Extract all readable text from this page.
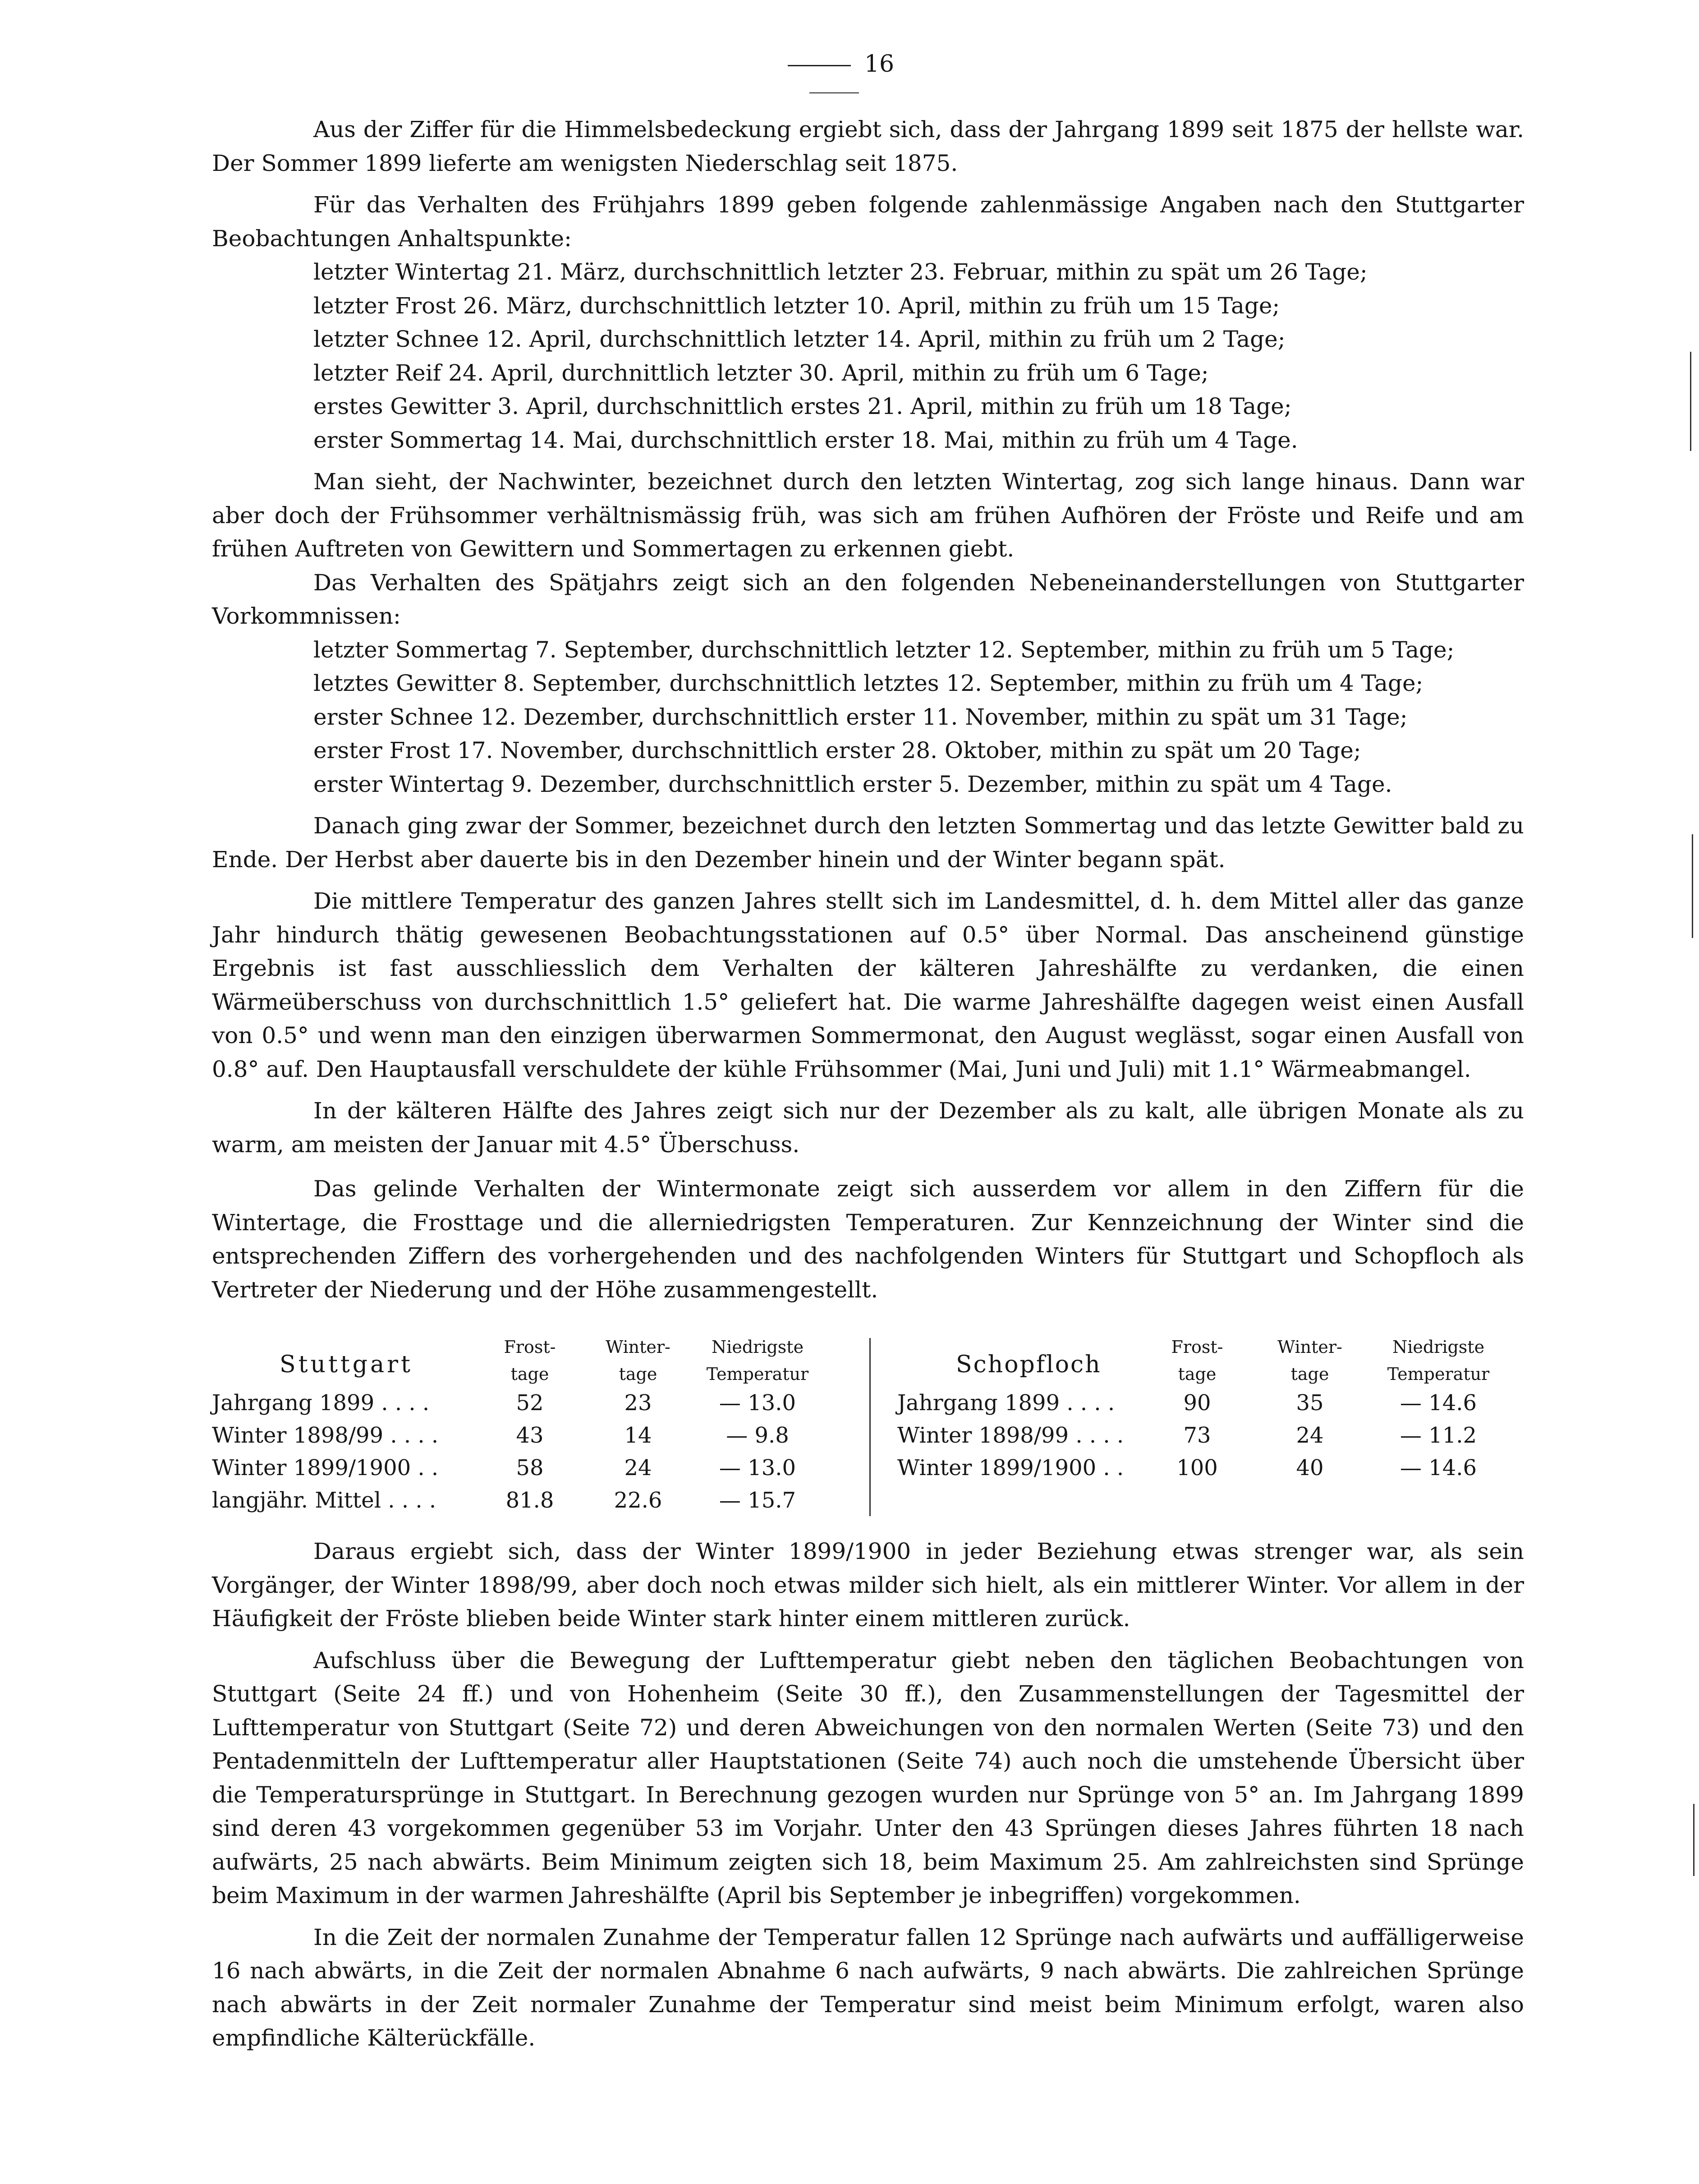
16

Aus der Ziffer für die Himmelsbedeckung ergiebt sich, dass der Jahrgang 1899 seit 1875 der hellste war. Der Sommer 1899 lieferte am wenigsten Niederschlag seit 1875.

Für das Verhalten des Frühjahrs 1899 geben folgende zahlenmässige Angaben nach den Stuttgarter Beobachtungen Anhaltspunkte:

letzter Wintertag 21. März, durchschnittlich letzter 23. Februar, mithin zu spät um 26 Tage;
letzter Frost 26. März, durchschnittlich letzter 10. April, mithin zu früh um 15 Tage;
letzter Schnee 12. April, durchschnittlich letzter 14. April, mithin zu früh um 2 Tage;
letzter Reif 24. April, durchnittlich letzter 30. April, mithin zu früh um 6 Tage;
erstes Gewitter 3. April, durchschnittlich erstes 21. April, mithin zu früh um 18 Tage;
erster Sommertag 14. Mai, durchschnittlich erster 18. Mai, mithin zu früh um 4 Tage.

Man sieht, der Nachwinter, bezeichnet durch den letzten Wintertag, zog sich lange hinaus. Dann war aber doch der Frühsommer verhältnismässig früh, was sich am frühen Aufhören der Fröste und Reife und am frühen Auftreten von Gewittern und Sommertagen zu erkennen giebt.

Das Verhalten des Spätjahrs zeigt sich an den folgenden Nebeneinanderstellungen von Stuttgarter Vorkommnissen:

letzter Sommertag 7. September, durchschnittlich letzter 12. September, mithin zu früh um 5 Tage;
letztes Gewitter 8. September, durchschnittlich letztes 12. September, mithin zu früh um 4 Tage;
erster Schnee 12. Dezember, durchschnittlich erster 11. November, mithin zu spät um 31 Tage;
erster Frost 17. November, durchschnittlich erster 28. Oktober, mithin zu spät um 20 Tage;
erster Wintertag 9. Dezember, durchschnittlich erster 5. Dezember, mithin zu spät um 4 Tage.

Danach ging zwar der Sommer, bezeichnet durch den letzten Sommertag und das letzte Gewitter bald zu Ende. Der Herbst aber dauerte bis in den Dezember hinein und der Winter begann spät.

Die mittlere Temperatur des ganzen Jahres stellt sich im Landesmittel, d. h. dem Mittel aller das ganze Jahr hindurch thätig gewesenen Beobachtungsstationen auf 0.5° über Normal. Das anscheinend günstige Ergebnis ist fast ausschliesslich dem Verhalten der kälteren Jahreshälfte zu verdanken, die einen Wärmeüberschuss von durchschnittlich 1.5° geliefert hat. Die warme Jahreshälfte dagegen weist einen Ausfall von 0.5° und wenn man den einzigen überwarmen Sommermonat, den August weglässt, sogar einen Ausfall von 0.8° auf. Den Hauptausfall verschuldete der kühle Frühsommer (Mai, Juni und Juli) mit 1.1° Wärmeabmangel.

In der kälteren Hälfte des Jahres zeigt sich nur der Dezember als zu kalt, alle übrigen Monate als zu warm, am meisten der Januar mit 4.5° Überschuss.

Das gelinde Verhalten der Wintermonate zeigt sich ausserdem vor allem in den Ziffern für die Wintertage, die Frosttage und die allerniedrigsten Temperaturen. Zur Kennzeichnung der Winter sind die entsprechenden Ziffern des vorhergehenden und des nachfolgenden Winters für Stuttgart und Schopfloch als Vertreter der Niederung und der Höhe zusammengestellt.

Stuttgart
Frost-
tage
Winter-
tage
Niedrigste
Temperatur
Jahrgang 1899 . . . .	52	23	— 13.0
Winter 1898/99 . . . .	43	14	— 9.8
Winter 1899/1900 . .	58	24	— 13.0
langjähr. Mittel . . . .	81.8	22.6	— 15.7
Schopfloch
Frost-
tage
Winter-
tage
Niedrigste
Temperatur
Jahrgang 1899 . . . .	90	35	— 14.6
Winter 1898/99 . . . .	73	24	— 11.2
Winter 1899/1900 . .	100	40	— 14.6

Daraus ergiebt sich, dass der Winter 1899/1900 in jeder Beziehung etwas strenger war, als sein Vorgänger, der Winter 1898/99, aber doch noch etwas milder sich hielt, als ein mittlerer Winter. Vor allem in der Häufigkeit der Fröste blieben beide Winter stark hinter einem mittleren zurück.

Aufschluss über die Bewegung der Lufttemperatur giebt neben den täglichen Beobachtungen von Stuttgart (Seite 24 ff.) und von Hohenheim (Seite 30 ff.), den Zusammenstellungen der Tagesmittel der Lufttemperatur von Stuttgart (Seite 72) und deren Abweichungen von den normalen Werten (Seite 73) und den Pentadenmitteln der Lufttemperatur aller Hauptstationen (Seite 74) auch noch die umstehende Übersicht über die Temperatursprünge in Stuttgart. In Berechnung gezogen wurden nur Sprünge von 5° an. Im Jahrgang 1899 sind deren 43 vorgekommen gegenüber 53 im Vorjahr. Unter den 43 Sprüngen dieses Jahres führten 18 nach aufwärts, 25 nach abwärts. Beim Minimum zeigten sich 18, beim Maximum 25. Am zahlreichsten sind Sprünge beim Maximum in der warmen Jahreshälfte (April bis September je inbegriffen) vorgekommen.

In die Zeit der normalen Zunahme der Temperatur fallen 12 Sprünge nach aufwärts und auffälligerweise 16 nach abwärts, in die Zeit der normalen Abnahme 6 nach aufwärts, 9 nach abwärts. Die zahlreichen Sprünge nach abwärts in der Zeit normaler Zunahme der Temperatur sind meist beim Minimum erfolgt, waren also empfindliche Kälterückfälle.
